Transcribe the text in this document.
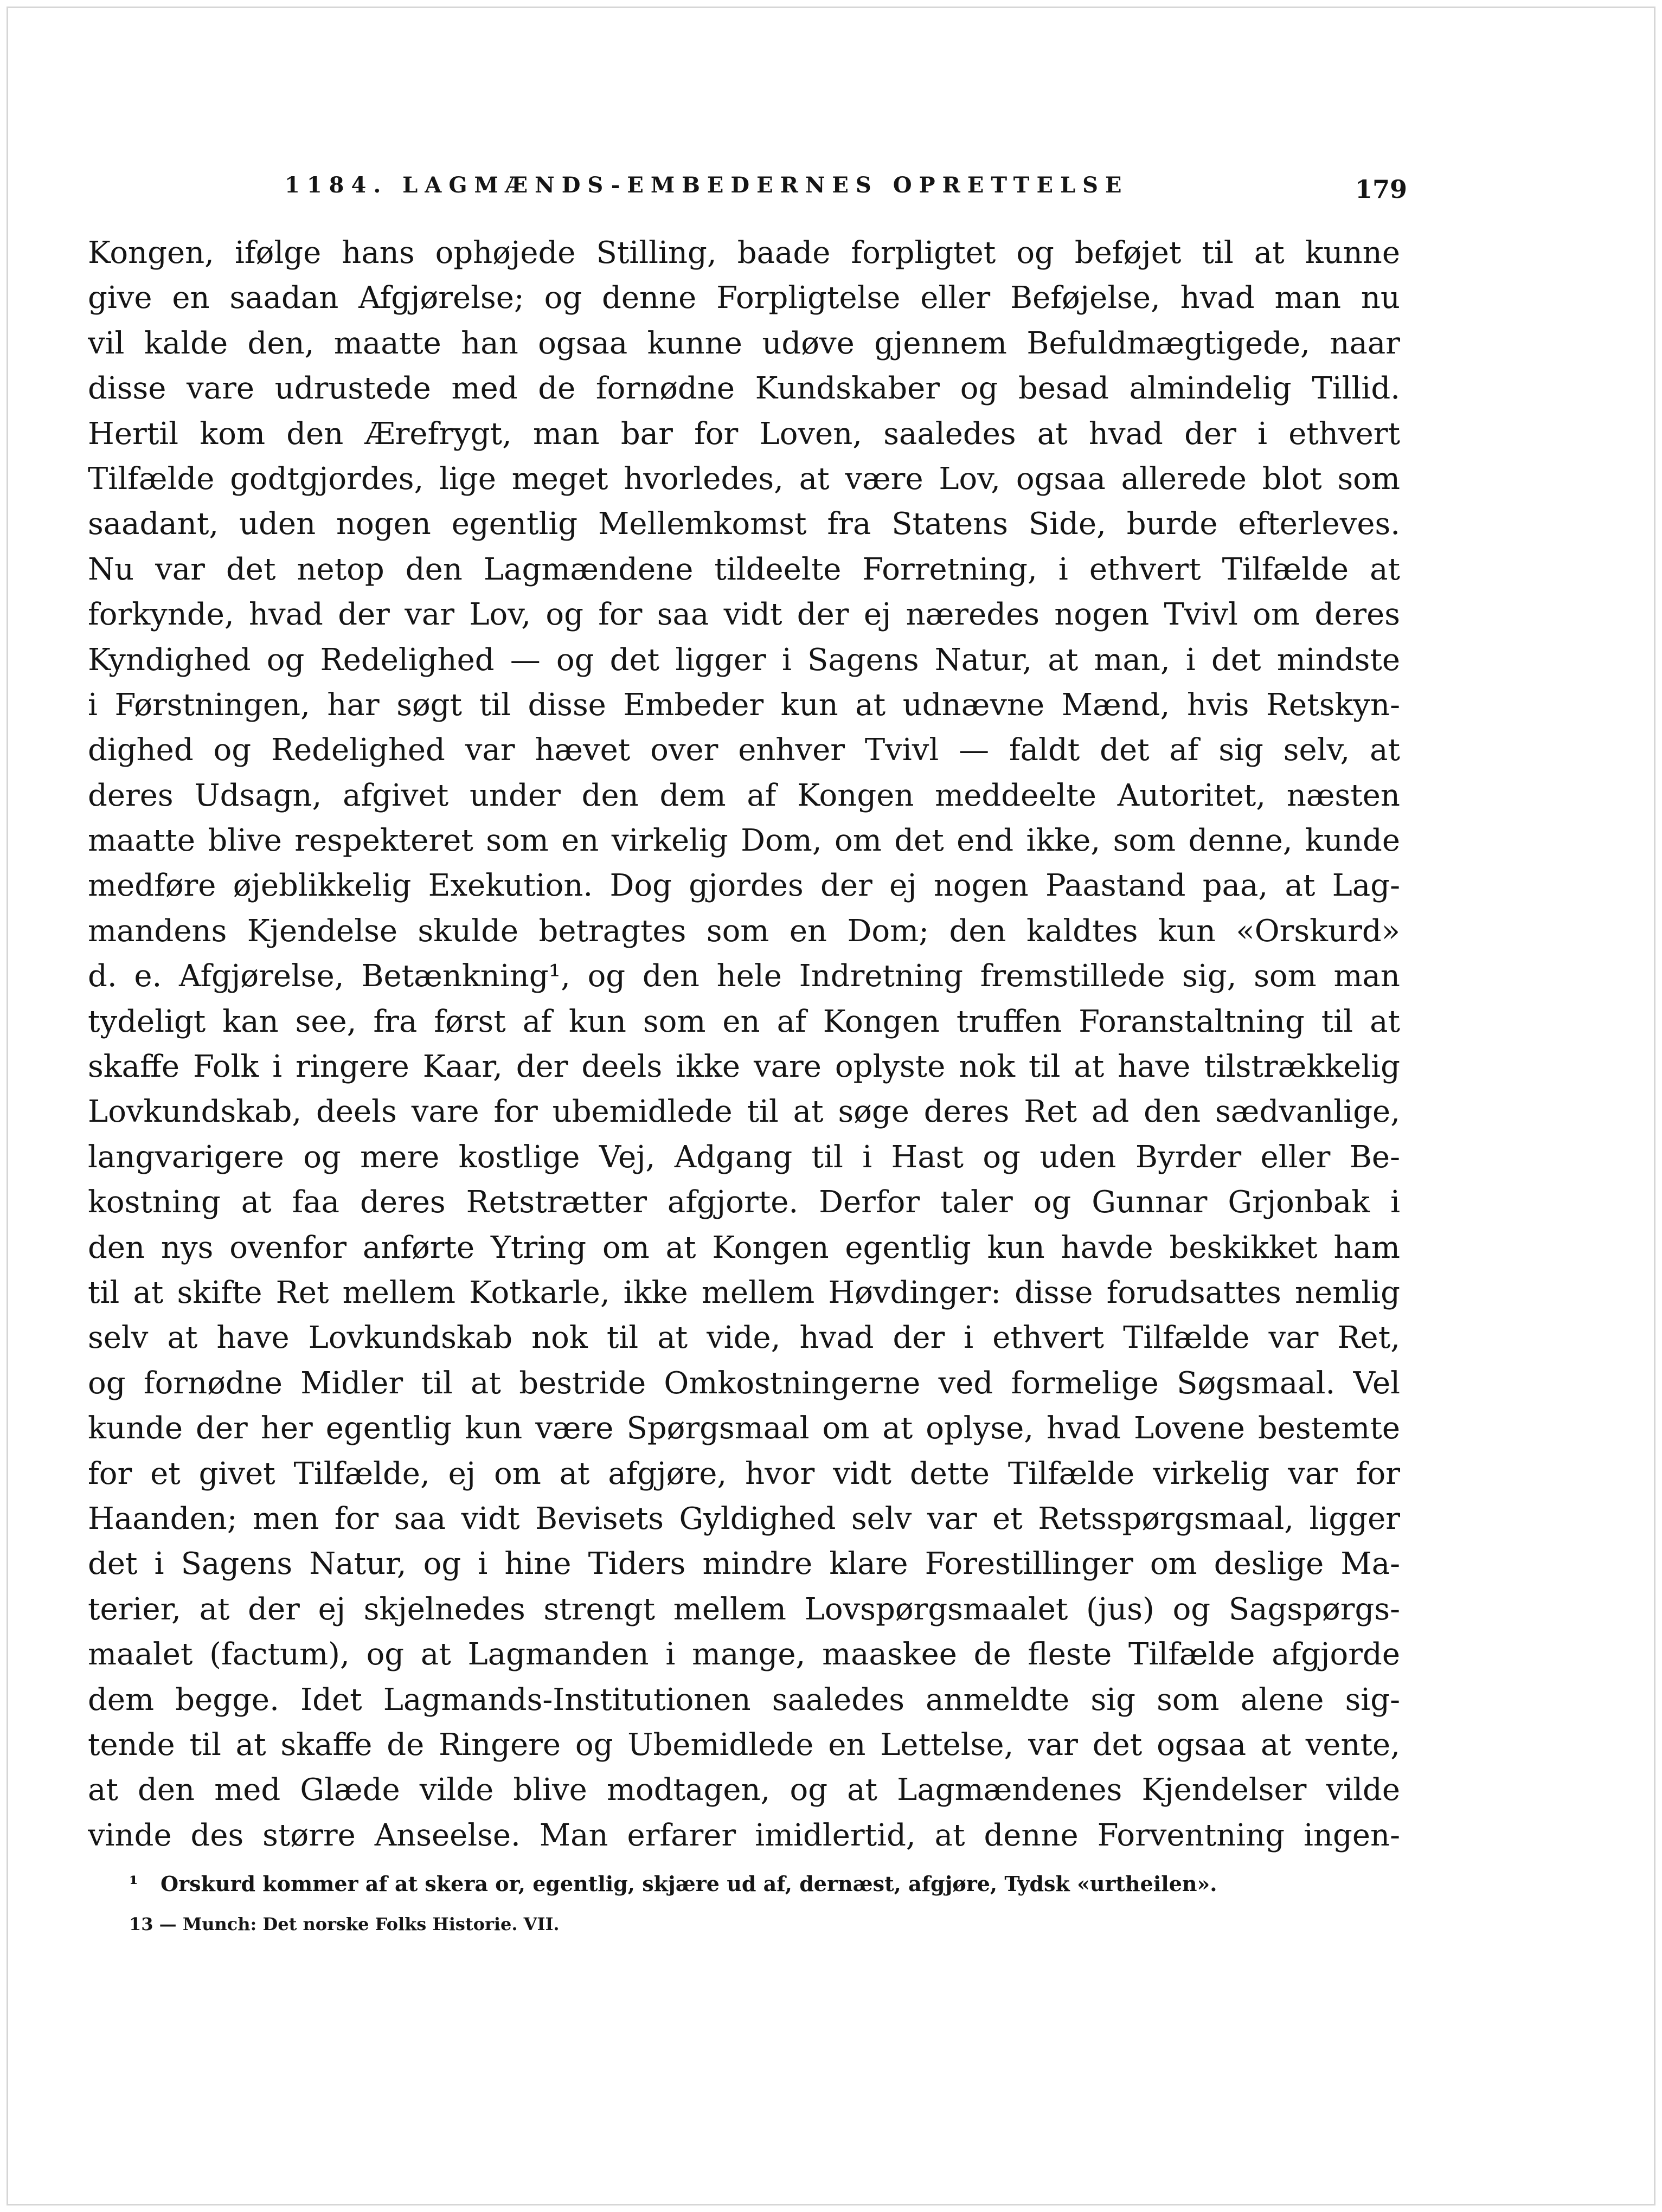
1184. LAGMÆNDS-EMBEDERNES OPRETTELSE	179
Kongen, ifølge hans ophøjede Stilling, baade forpligtet og beføjet til at kunne
give en saadan Afgjørelse; og denne Forpligtelse eller Beføjelse, hvad man nu
vil kalde den, maatte han ogsaa kunne udøve gjennem Befuldmægtigede, naar
disse vare udrustede med de fornødne Kundskaber og besad almindelig Tillid.
Hertil kom den Ærefrygt, man bar for Loven, saaledes at hvad der i ethvert
Tilfælde godtgjordes, lige meget hvorledes, at være Lov, ogsaa allerede blot som
saadant, uden nogen egentlig Mellemkomst fra Statens Side, burde efterleves.
Nu var det netop den Lagmændene tildeelte Forretning, i ethvert Tilfælde at
forkynde, hvad der var Lov, og for saa vidt der ej næredes nogen Tvivl om deres
Kyndighed og Redelighed — og det ligger i Sagens Natur, at man, i det mindste
i Førstningen, har søgt til disse Embeder kun at udnævne Mænd, hvis Retskyn-
dighed og Redelighed var hævet over enhver Tvivl — faldt det af sig selv, at
deres Udsagn, afgivet under den dem af Kongen meddeelte Autoritet, næsten
maatte blive respekteret som en virkelig Dom, om det end ikke, som denne, kunde
medføre øjeblikkelig Exekution. Dog gjordes der ej nogen Paastand paa, at Lag-
mandens Kjendelse skulde betragtes som en Dom; den kaldtes kun «Orskurd»
d. e. Afgjørelse, Betænkning¹, og den hele Indretning fremstillede sig, som man
tydeligt kan see, fra først af kun som en af Kongen truffen Foranstaltning til at
skaffe Folk i ringere Kaar, der deels ikke vare oplyste nok til at have tilstrækkelig
Lovkundskab, deels vare for ubemidlede til at søge deres Ret ad den sædvanlige,
langvarigere og mere kostlige Vej, Adgang til i Hast og uden Byrder eller Be-
kostning at faa deres Retstrætter afgjorte. Derfor taler og Gunnar Grjonbak i
den nys ovenfor anførte Ytring om at Kongen egentlig kun havde beskikket ham
til at skifte Ret mellem Kotkarle, ikke mellem Høvdinger: disse forudsattes nemlig
selv at have Lovkundskab nok til at vide, hvad der i ethvert Tilfælde var Ret,
og fornødne Midler til at bestride Omkostningerne ved formelige Søgsmaal. Vel
kunde der her egentlig kun være Spørgsmaal om at oplyse, hvad Lovene bestemte
for et givet Tilfælde, ej om at afgjøre, hvor vidt dette Tilfælde virkelig var for
Haanden; men for saa vidt Bevisets Gyldighed selv var et Retsspørgsmaal, ligger
det i Sagens Natur, og i hine Tiders mindre klare Forestillinger om deslige Ma-
terier, at der ej skjelnedes strengt mellem Lovspørgsmaalet (jus) og Sagspørgs-
maalet (factum), og at Lagmanden i mange, maaskee de fleste Tilfælde afgjorde
dem begge. Idet Lagmands-Institutionen saaledes anmeldte sig som alene sig-
tende til at skaffe de Ringere og Ubemidlede en Lettelse, var det ogsaa at vente,
at den med Glæde vilde blive modtagen, og at Lagmændenes Kjendelser vilde
vinde des større Anseelse. Man erfarer imidlertid, at denne Forventning ingen-
¹ Orskurd kommer af at skera or, egentlig, skjære ud af, dernæst, afgjøre, Tydsk «urtheilen».
13 — Munch: Det norske Folks Historie. VII.
